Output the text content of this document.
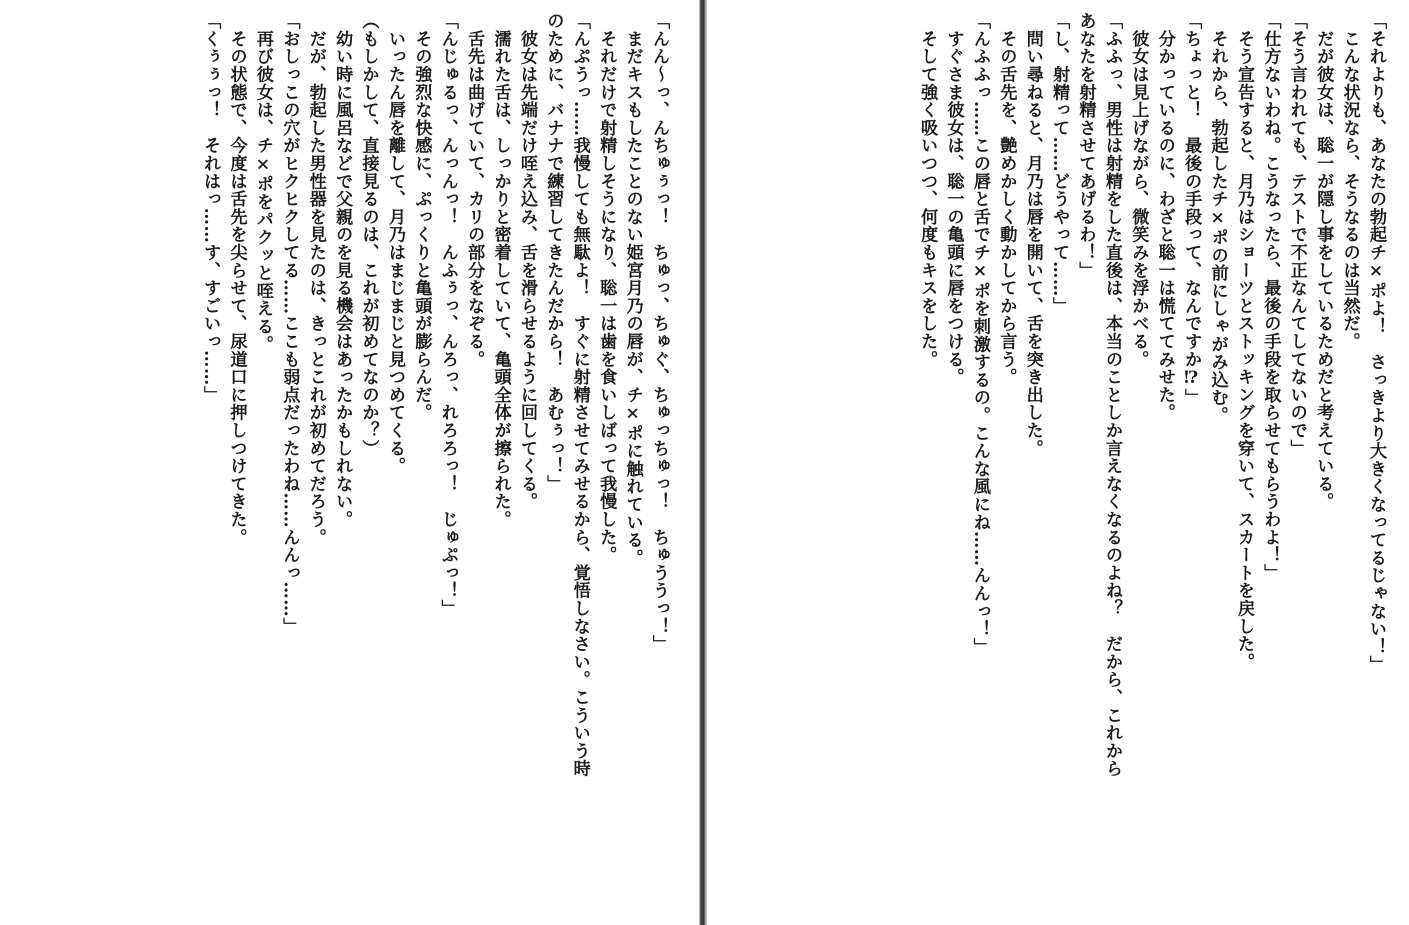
「んん〜っ、んちゅぅっ！　ちゅっ、ちゅぐ、ちゅっちゅっ！　ちゅううっ！」
　まだキスもしたことのない姫宮月乃の唇が、チ×ポに触れている。
　それだけで射精しそうになり、聡一は歯を食いしばって我慢した。
「んぷうっ……我慢しても無駄よ！　すぐに射精させてみせるから、覚悟しなさい。こういう時
のために、バナナで練習してきたんだから！　あむぅっ！」
　彼女は先端だけ咥え込み、舌を滑らせるように回してくる。
　濡れた舌は、しっかりと密着していて、亀頭全体が擦られた。
　舌先は曲げていて、カリの部分をなぞる。
「んじゅるっ、んっんっ！　んふぅっ、んろっ、れろろっ！　じゅぷっ！」
　その強烈な快感に、ぷっくりと亀頭が膨らんだ。
　いったん唇を離して、月乃はまじまじと見つめてくる。
（もしかして、直接見るのは、これが初めてなのか？）
　幼い時に風呂などで父親のを見る機会はあったかもしれない。
　だが、勃起した男性器を見たのは、きっとこれが初めてだろう。
「おしっこの穴がヒクヒクしてる……ここも弱点だったわね……んんっ……」
　再び彼女は、チ×ポをパクッと咥える。
　その状態で、今度は舌先を尖らせて、尿道口に押しつけてきた。
「くぅぅっ！　それはっ……す、すごいっ……」	「それよりも、あなたの勃起チ×ポよ！　さっきより大きくなってるじゃない！」
　こんな状況なら、そうなるのは当然だ。
　だが彼女は、聡一が隠し事をしているためだと考えている。
「そう言われても、テストで不正なんてしてないので」
「仕方ないわね。こうなったら、最後の手段を取らせてもらうわよ！」
　そう宣告すると、月乃はショーツとストッキングを穿いて、スカートを戻した。
　それから、勃起したチ×ポの前にしゃがみ込む。
「ちょっと！　最後の手段って、なんですか⁉」
　分かっているのに、わざと聡一は慌ててみせた。
　彼女は見上げながら、微笑みを浮かべる。
「ふふっ、男性は射精をした直後は、本当のことしか言えなくなるのよね？　だから、これから
あなたを射精させてあげるわ！」
「し、射精って……どうやって……」
　問い尋ねると、月乃は唇を開いて、舌を突き出した。
　その舌先を、艶めかしく動かしてから言う。
「んふふっ……この唇と舌でチ×ポを刺激するの。こんな風にね……んんっ！」
　すぐさま彼女は、聡一の亀頭に唇をつける。
　そして強く吸いつつ、何度もキスをした。
